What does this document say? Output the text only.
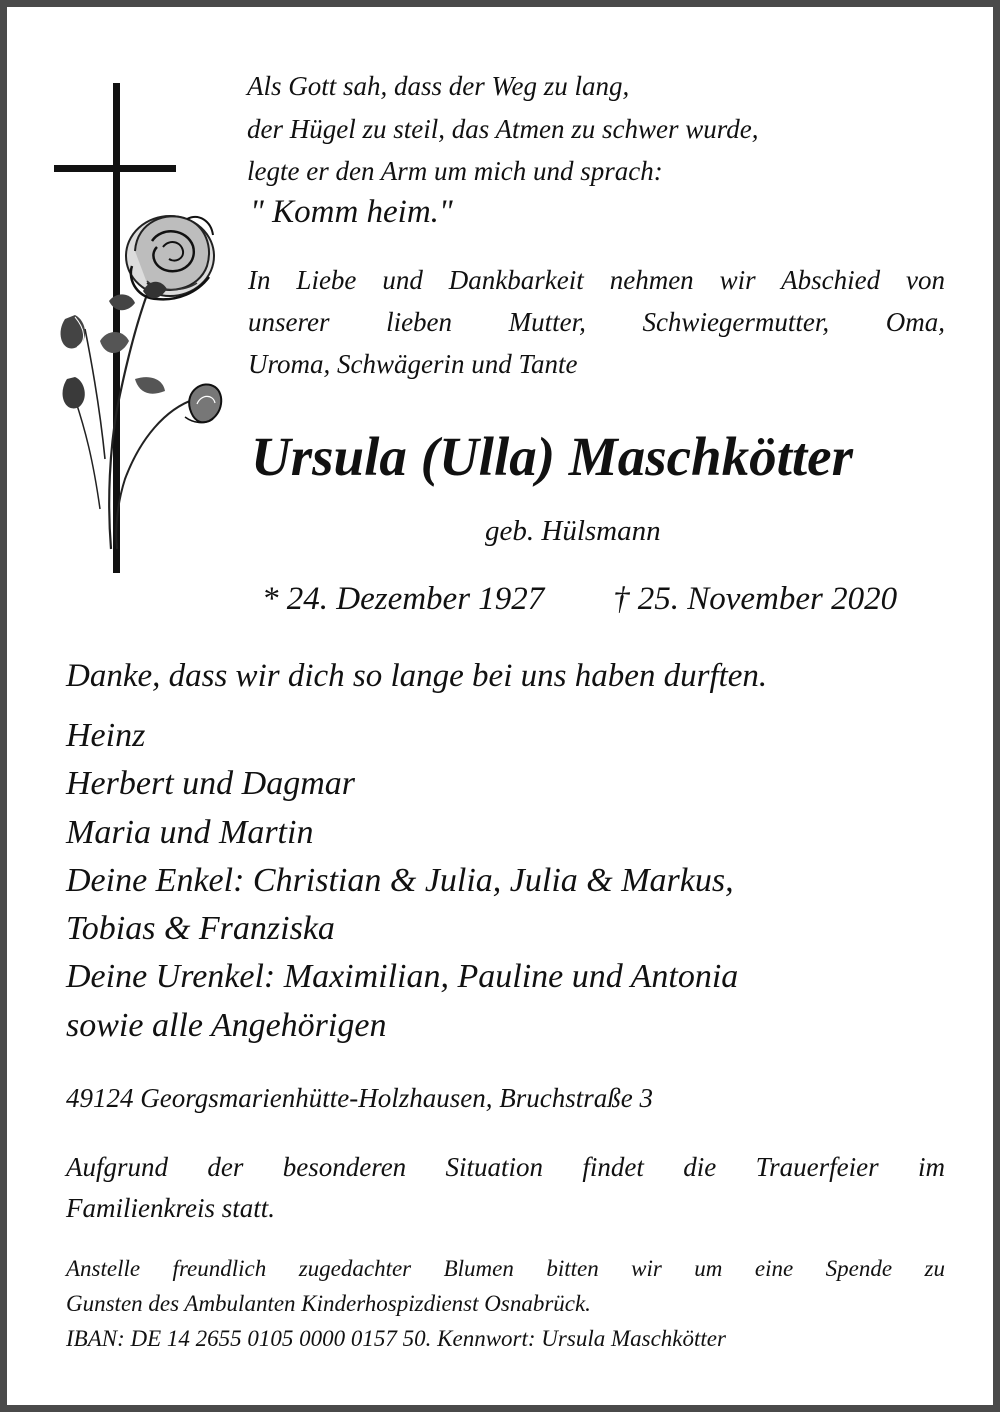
Als Gott sah, dass der Weg zu lang,
der Hügel zu steil, das Atmen zu schwer wurde,
legte er den Arm um mich und sprach:
" Komm heim."
In Liebe und Dankbarkeit nehmen wir Abschied von
unserer lieben Mutter, Schwiegermutter, Oma,
Uroma, Schwägerin und Tante
Ursula (Ulla) Maschkötter
geb. Hülsmann
* 24. Dezember 1927 † 25. November 2020
Danke, dass wir dich so lange bei uns haben durften.
Heinz
Herbert und Dagmar
Maria und Martin
Deine Enkel: Christian & Julia, Julia & Markus,
Tobias & Franziska
Deine Urenkel: Maximilian, Pauline und Antonia
sowie alle Angehörigen
49124 Georgsmarienhütte-Holzhausen, Bruchstraße 3
Aufgrund der besonderen Situation findet die Trauerfeier im
Familienkreis statt.
Anstelle freundlich zugedachter Blumen bitten wir um eine Spende zu
Gunsten des Ambulanten Kinderhospizdienst Osnabrück.
IBAN: DE 14 2655 0105 0000 0157 50. Kennwort: Ursula Maschkötter
